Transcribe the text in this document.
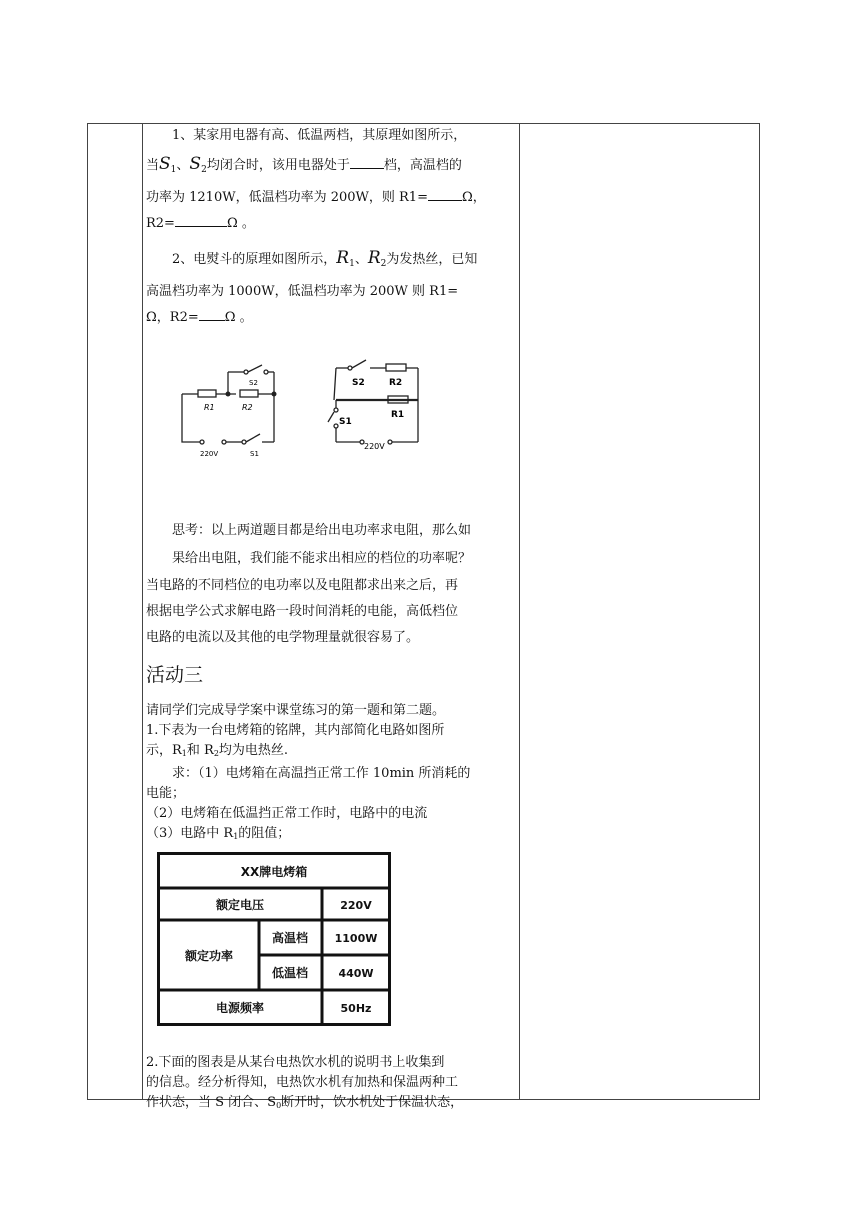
1、某家用电器有高、低温两档，其原理如图所示，

当$S_1$、$S_2$均闭合时，该用电器处于	档，高温档的

功率为 1210W，低温档功率为 200W，则 R1=	Ω，

R2=	Ω 。

2、电熨斗的原理如图所示，$R_1$、$R_2$为发热丝，已知

高温档功率为 1000W，低温档功率为 200W 则 R1=

Ω，R2= Ω 。

思考：以上两道题目都是给出电功率求电阻，那么如

果给出电阻，我们能不能求出相应的档位的功率呢？

当电路的不同档位的电功率以及电阻都求出来之后，再

根据电学公式求解电路一段时间消耗的电能，高低档位

电路的电流以及其他的电学物理量就很容易了。

活动三

请同学们完成导学案中课堂练习的第一题和第二题。

1.下表为一台电烤箱的铭牌，其内部简化电路如图所

示，R1和 R2均为电热丝.

求：（1）电烤箱在高温挡正常工作 10min 所消耗的

电能；

（2）电烤箱在低温挡正常工作时，电路中的电流

（3）电路中 R1的阻值；

2.下面的图表是从某台电热饮水机的说明书上收集到

的信息。经分析得知，电热饮水机有加热和保温两种工

作状态，当 S 闭合、S0断开时，饮水机处于保温状态，

R1	R2
S2
220V	S1
S2	R2
R1
S1
220V
XX牌电烤箱
额定电压	220V
额定功率
高温档 1100W
低温档	440W
电源频率	50Hz
